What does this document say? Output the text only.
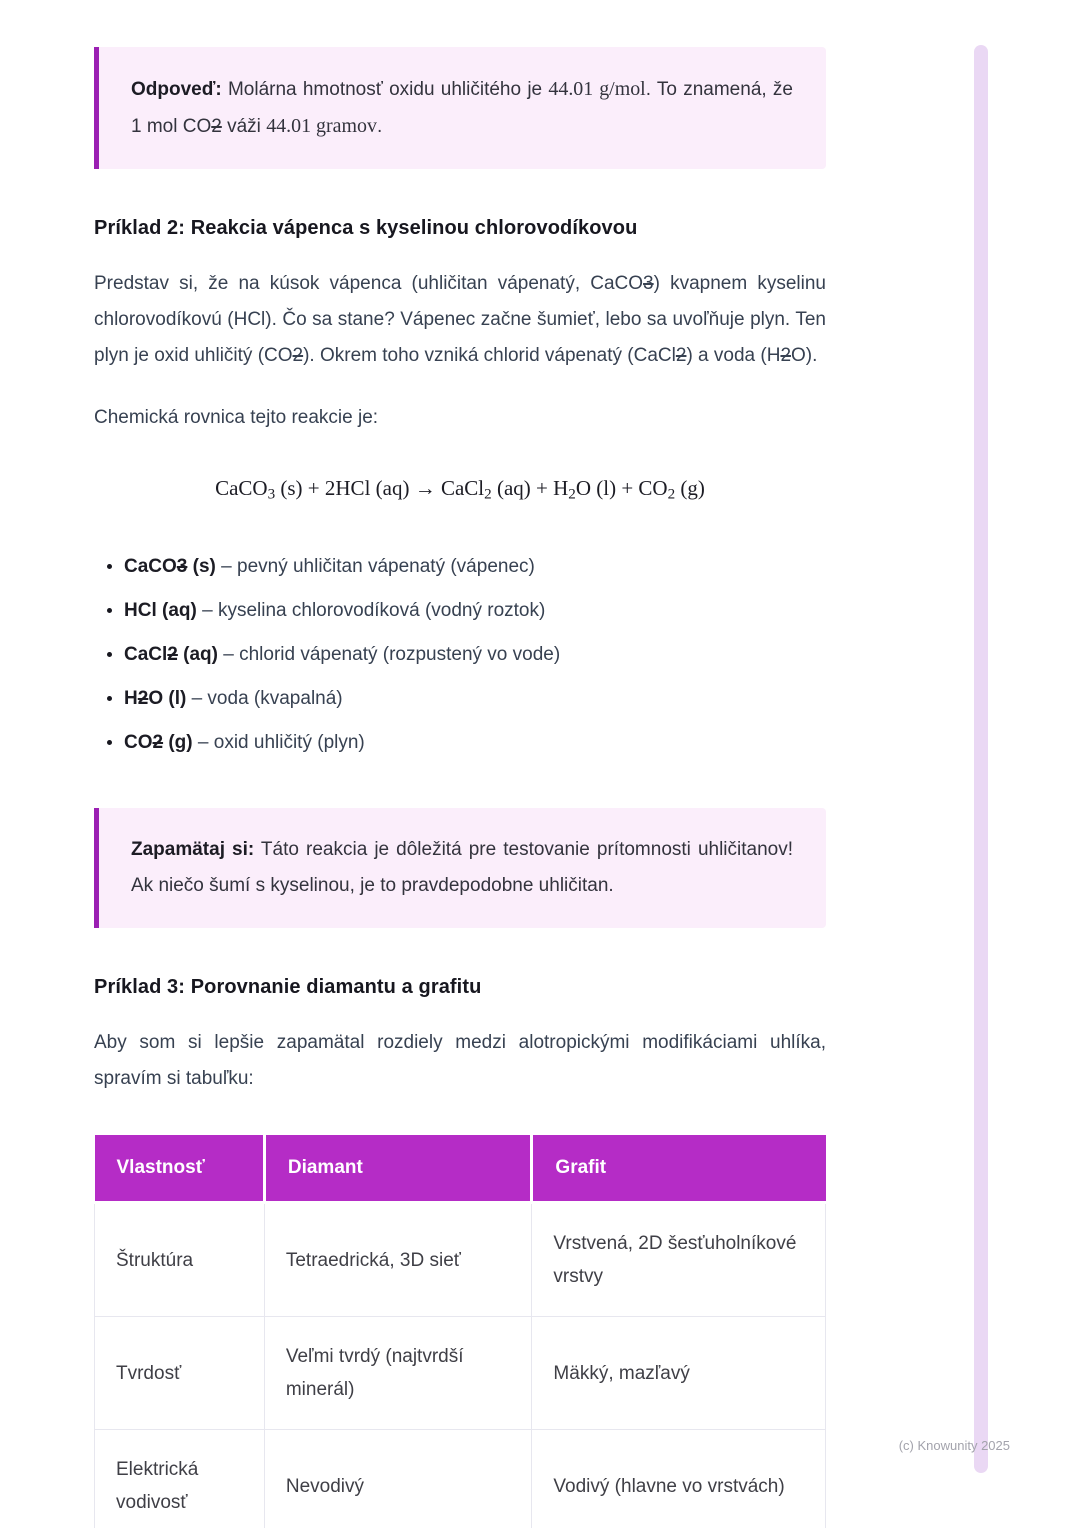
Odpoveď: Molárna hmotnosť oxidu uhličitého je 44.01 g/mol. To znamená, že 1 mol CO2 váži 44.01 gramov.

Príklad 2: Reakcia vápenca s kyselinou chlorovodíkovou

Predstav si, že na kúsok vápenca (uhličitan vápenatý, CaCO3) kvapnem kyselinu chlorovodíkovú (HCl). Čo sa stane? Vápenec začne šumieť, lebo sa uvoľňuje plyn. Ten plyn je oxid uhličitý (CO2). Okrem toho vzniká chlorid vápenatý (CaCl2) a voda (H2O).

Chemická rovnica tejto reakcie je:

CaCO3 (s) + 2HCl (aq) → CaCl2 (aq) + H2O (l) + CO2 (g)
• CaCO3 (s) – pevný uhličitan vápenatý (vápenec)
• HCl (aq) – kyselina chlorovodíková (vodný roztok)
• CaCl2 (aq) – chlorid vápenatý (rozpustený vo vode)
• H2O (l) – voda (kvapalná)
• CO2 (g) – oxid uhličitý (plyn)

Zapamätaj si: Táto reakcia je dôležitá pre testovanie prítomnosti uhličitanov! Ak niečo šumí s kyselinou, je to pravdepodobne uhličitan.

Príklad 3: Porovnanie diamantu a grafitu

Aby som si lepšie zapamätal rozdiely medzi alotropickými modifikáciami uhlíka, spravím si tabuľku:

Vlastnosť	Diamant	Grafit
Štruktúra	Tetraedrická, 3D sieť	Vrstvená, 2D šesťuholníkové vrstvy
Tvrdosť	Veľmi tvrdý (najtvrdší minerál)	Mäkký, mazľavý
Elektrická vodivosť	Nevodivý	Vodivý (hlavne vo vrstvách)
(c) Knowunity 2025
